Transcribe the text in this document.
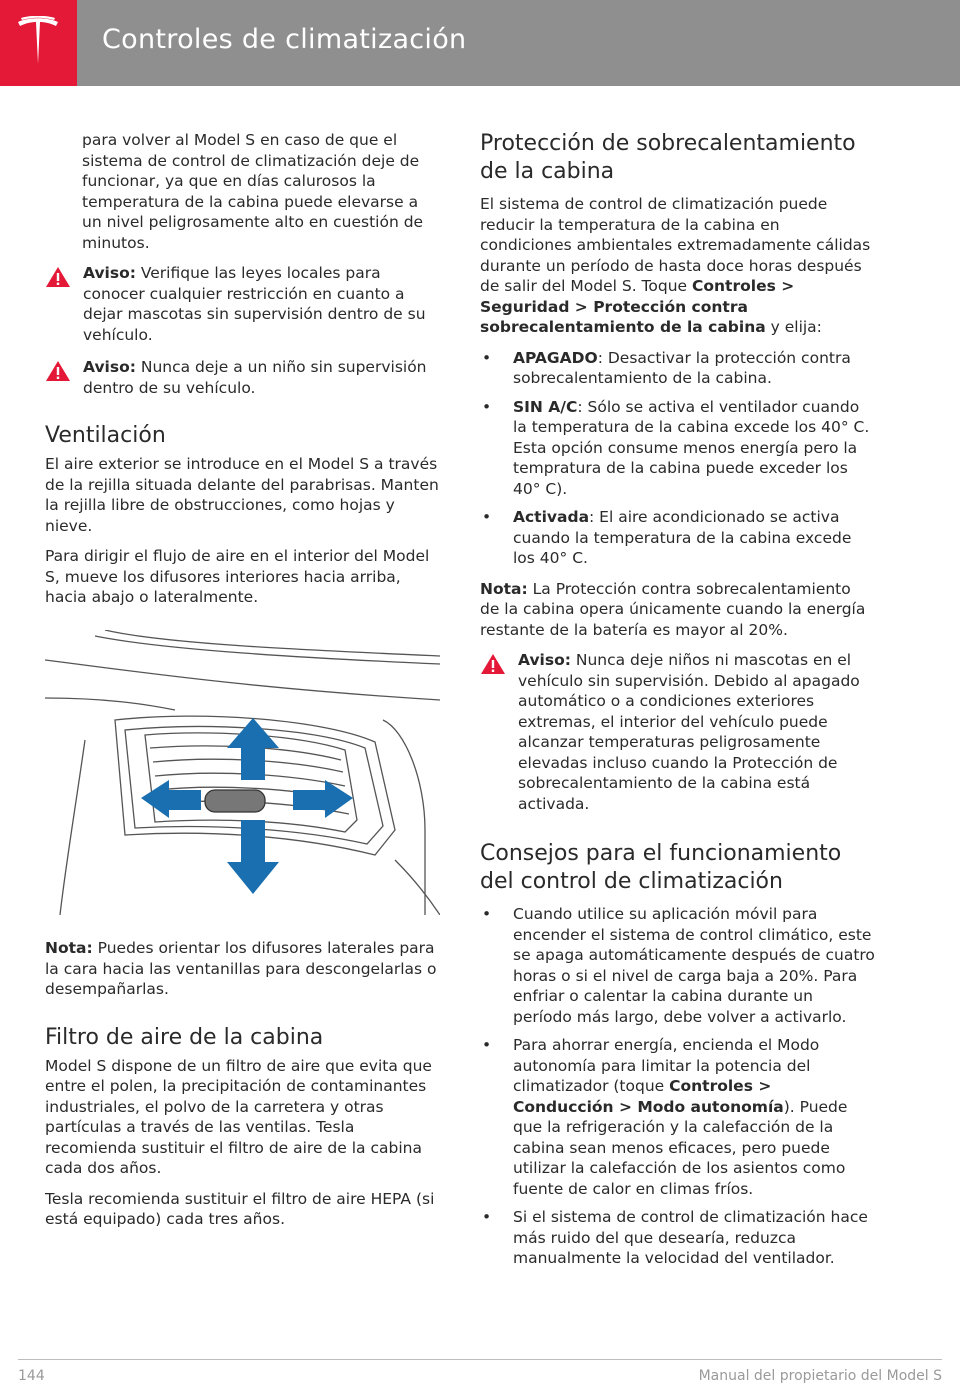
Controles de climatización

para volver al Model S en caso de que el sistema de control de climatización deje de funcionar, ya que en días calurosos la temperatura de la cabina puede elevarse a un nivel peligrosamente alto en cuestión de minutos.

Aviso: Verifique las leyes locales para conocer cualquier restricción en cuanto a dejar mascotas sin supervisión dentro de su vehículo.
Aviso: Nunca deje a un niño sin supervisión dentro de su vehículo.
Ventilación

El aire exterior se introduce en el Model S a través de la rejilla situada delante del parabrisas. Manten la rejilla libre de obstrucciones, como hojas y nieve.

Para dirigir el flujo de aire en el interior del Model S, mueve los difusores interiores hacia arriba, hacia abajo o lateralmente.

Nota: Puedes orientar los difusores laterales para la cara hacia las ventanillas para descongelarlas o desempañarlas.

Filtro de aire de la cabina

Model S dispone de un filtro de aire que evita que entre el polen, la precipitación de contaminantes industriales, el polvo de la carretera y otras partículas a través de las ventilas. Tesla recomienda sustituir el filtro de aire de la cabina cada dos años.

Tesla recomienda sustituir el filtro de aire HEPA (si está equipado) cada tres años.

Protección de sobrecalentamiento de la cabina

El sistema de control de climatización puede reducir la temperatura de la cabina en condiciones ambientales extremadamente cálidas durante un período de hasta doce horas después de salir del Model S. Toque Controles > Seguridad > Protección contra sobrecalentamiento de la cabina y elija:

• APAGADO: Desactivar la protección contra sobrecalentamiento de la cabina.
• SIN A/C: Sólo se activa el ventilador cuando la temperatura de la cabina excede los 40° C. Esta opción consume menos energía pero la tempratura de la cabina puede exceder los 40° C).
• Activada: El aire acondicionado se activa cuando la temperatura de la cabina excede los 40° C.

Nota: La Protección contra sobrecalentamiento de la cabina opera únicamente cuando la energía restante de la batería es mayor al 20%.

Aviso: Nunca deje niños ni mascotas en el vehículo sin supervisión. Debido al apagado automático o a condiciones exteriores extremas, el interior del vehículo puede alcanzar temperaturas peligrosamente elevadas incluso cuando la Protección de sobrecalentamiento de la cabina está activada.
Consejos para el funcionamiento del control de climatización
• Cuando utilice su aplicación móvil para encender el sistema de control climático, este se apaga automáticamente después de cuatro horas o si el nivel de carga baja a 20%. Para enfriar o calentar la cabina durante un período más largo, debe volver a activarlo.
• Para ahorrar energía, encienda el Modo autonomía para limitar la potencia del climatizador (toque Controles > Conducción > Modo autonomía). Puede que la refrigeración y la calefacción de la cabina sean menos eficaces, pero puede utilizar la calefacción de los asientos como fuente de calor en climas fríos.
• Si el sistema de control de climatización hace más ruido del que desearía, reduzca manualmente la velocidad del ventilador.
144	Manual del propietario del Model S
